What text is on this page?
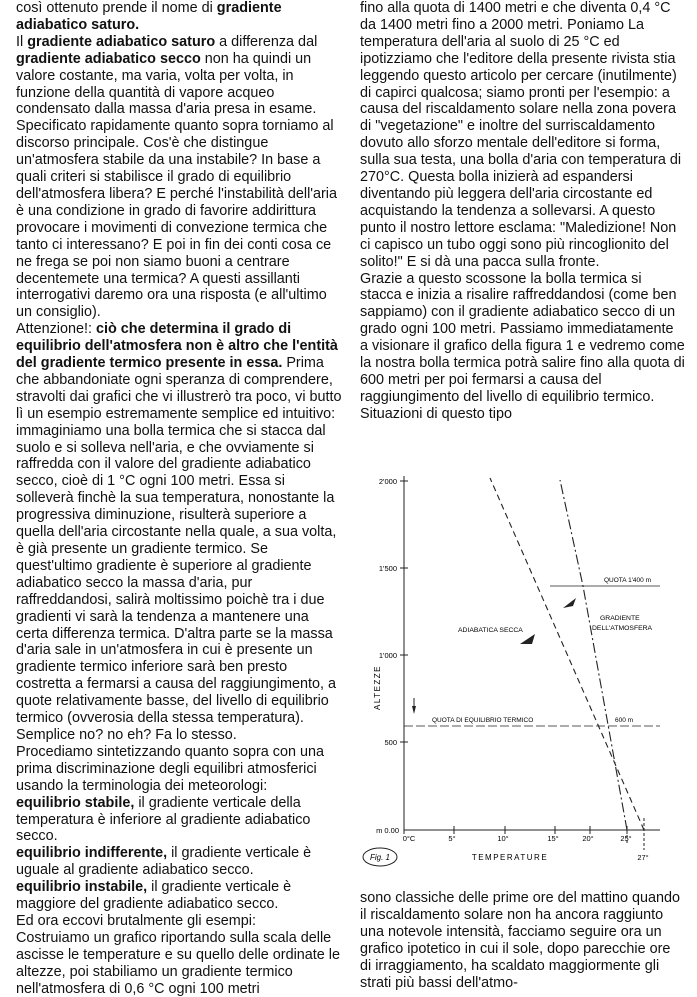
così ottenuto prende il nome di gradiente adiabatico saturo.

Il gradiente adiabatico saturo a differenza dal gradiente adiabatico secco non ha quindi un valore costante, ma varia, volta per volta, in funzione della quantità di vapore acqueo condensato dalla massa d'aria presa in esame. Specificato rapidamente quanto sopra torniamo al discorso principale. Cos'è che distingue un'atmosfera stabile da una instabile? In base a quali criteri si stabilisce il grado di equilibrio dell'atmosfera libera? E perché l'instabilità dell'aria è una condizione in grado di favorire addirittura provocare i movimenti di convezione termica che tanto ci interessano? E poi in fin dei conti cosa ce ne frega se poi non siamo buoni a centrare decentemete una termica? A questi assillanti interrogativi daremo ora una risposta (e all'ultimo un consiglio).

Attenzione!: ciò che determina il grado di equilibrio dell'atmosfera non è altro che l'entità del gradiente termico presente in essa. Prima che abbandoniate ogni speranza di comprendere, stravolti dai grafici che vi illustrerò tra poco, vi butto lì un esempio estremamente semplice ed intuitivo: immaginiamo una bolla termica che si stacca dal suolo e si solleva nell'aria, e che ovviamente si raffredda con il valore del gradiente adiabatico secco, cioè di 1 °C ogni 100 metri. Essa si solleverà finchè la sua temperatura, nonostante la progressiva diminuzione, risulterà superiore a quella dell'aria circostante nella quale, a sua volta, è già presente un gradiente termico. Se quest'ultimo gradiente è superiore al gradiente adiabatico secco la massa d'aria, pur raffreddandosi, salirà moltissimo poichè tra i due gradienti vi sarà la tendenza a mantenere una certa differenza termica. D'altra parte se la massa d'aria sale in un'atmosfera in cui è presente un gradiente termico inferiore sarà ben presto costretta a fermarsi a causa del raggiungimento, a quote relativamente basse, del livello di equilibrio termico (ovverosia della stessa temperatura). Semplice no? no eh? Fa lo stesso.

Procediamo sintetizzando quanto sopra con una prima discriminazione degli equilibri atmosferici usando la terminologia dei meteorologi:

equilibrio stabile, il gradiente verticale della temperatura è inferiore al gradiente adiabatico secco.

equilibrio indifferente, il gradiente verticale è uguale al gradiente adiabatico secco.

equilibrio instabile, il gradiente verticale è maggiore del gradiente adiabatico secco.

Ed ora eccovi brutalmente gli esempi:

Costruiamo un grafico riportando sulla scala delle ascisse le temperature e su quello delle ordinate le altezze, poi stabiliamo un gradiente termico nell'atmosfera di 0,6 °C ogni 100 metri

fino alla quota di 1400 metri e che diventa 0,4 °C da 1400 metri fino a 2000 metri. Poniamo La temperatura dell'aria al suolo di 25 °C ed ipotizziamo che l'editore della presente rivista stia leggendo questo articolo per cercare (inutilmente) di capirci qualcosa; siamo pronti per l'esempio: a causa del riscaldamento solare nella zona povera di "vegetazione" e inoltre del surriscaldamento dovuto allo sforzo mentale dell'editore si forma, sulla sua testa, una bolla d'aria con temperatura di 270°C. Questa bolla inizierà ad espandersi diventando più leggera dell'aria circostante ed acquistando la tendenza a sollevarsi. A questo punto il nostro lettore esclama: "Maledizione! Non ci capisco un tubo oggi sono più rincoglionito del solito!" E si dà una pacca sulla fronte.

Grazie a questo scossone la bolla termica si stacca e inizia a risalire raffreddandosi (come ben sappiamo) con il gradiente adiabatico secco di un grado ogni 100 metri. Passiamo immediatamente a visionare il grafico della figura 1 e vedremo come la nostra bolla termica potrà salire fino alla quota di 600 metri per poi fermarsi a causa del raggiungimento del livello di equilibrio termico. Situazioni di questo tipo

2'000
1'500
1'000
500
m 0.00
0°C	5°	10°	15°	20°	25°
27°
QUOTA 1'400 m
QUOTA DI EQUILIBRIO TERMICO	600 m
ADIABATICA SECCA
GRADIENTE
DELL'ATMOSFERA
ALTEZZE
TEMPERATURE
Fig. 1

sono classiche delle prime ore del mattino quando il riscaldamento solare non ha ancora raggiunto una notevole intensità, facciamo seguire ora un grafico ipotetico in cui il sole, dopo parecchie ore di irraggiamento, ha scaldato maggiormente gli strati più bassi dell'atmo-
